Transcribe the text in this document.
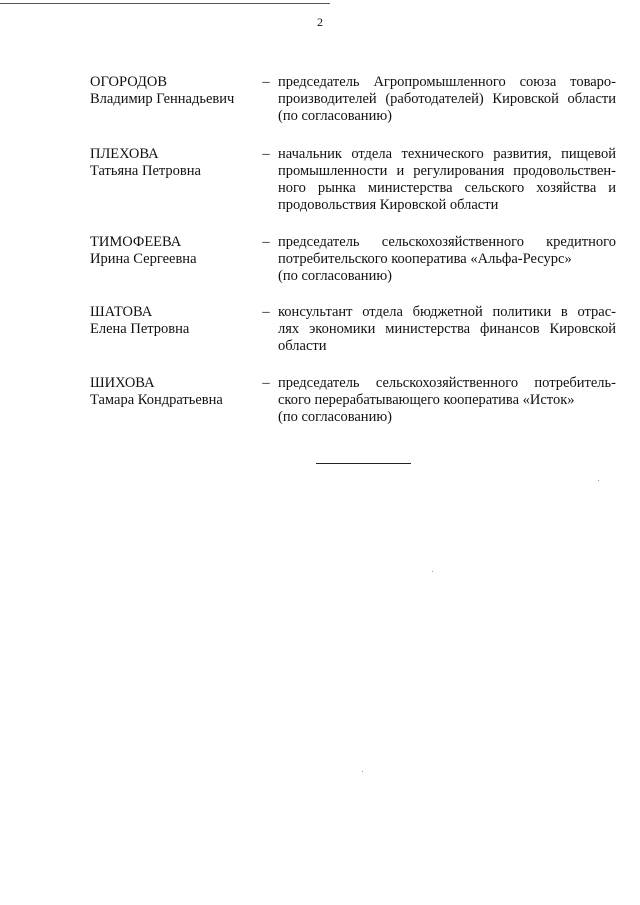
2
ОГОРОДОВ
Владимир Геннадьевич
– председатель Агропромышленного союза товаро-
производителей (работодателей) Кировской области
(по согласованию)
ПЛЕХОВА
Татьяна Петровна
– начальник отдела технического развития, пищевой
промышленности и регулирования продовольствен-
ного рынка министерства сельского хозяйства и
продовольствия Кировской области
ТИМОФЕЕВА
Ирина Сергеевна
– председатель сельскохозяйственного кредитного
потребительского кооператива «Альфа-Ресурс»
(по согласованию)
ШАТОВА
Елена Петровна
– консультант отдела бюджетной политики в отрас-
лях экономики министерства финансов Кировской
области
ШИХОВА
Тамара Кондратьевна
– председатель сельскохозяйственного потребитель-
ского перерабатывающего кооператива «Исток»
(по согласованию)
